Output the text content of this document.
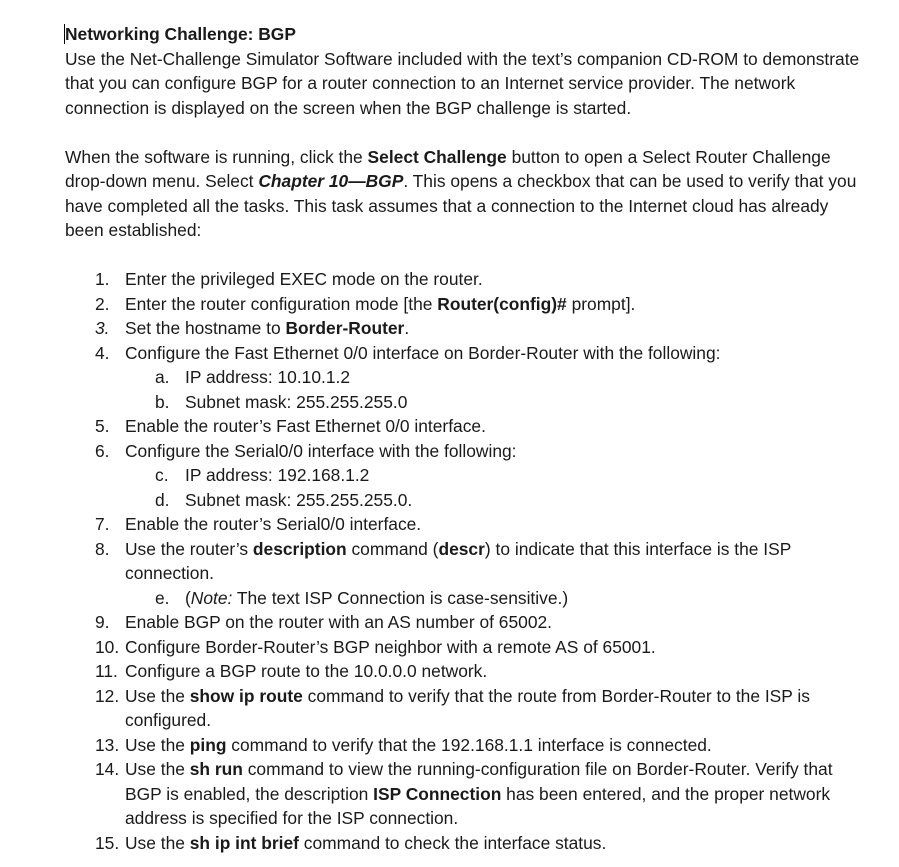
Networking Challenge: BGP

Use the Net-Challenge Simulator Software included with the text’s companion CD-ROM to demonstrate that you can configure BGP for a router connection to an Internet service provider. The network connection is displayed on the screen when the BGP challenge is started.

When the software is running, click the Select Challenge button to open a Select Router Challenge drop-down menu. Select Chapter 10—BGP. This opens a checkbox that can be used to verify that you have completed all the tasks. This task assumes that a connection to the Internet cloud has already been established:

1. Enter the privileged EXEC mode on the router.
2. Enter the router configuration mode [the Router(config)# prompt].
3. Set the hostname to Border-Router.
4. Configure the Fast Ethernet 0/0 interface on Border-Router with the following:
a. IP address: 10.10.1.2
b. Subnet mask: 255.255.255.0
5. Enable the router’s Fast Ethernet 0/0 interface.
6. Configure the Serial0/0 interface with the following:
c. IP address: 192.168.1.2
d. Subnet mask: 255.255.255.0.
7. Enable the router’s Serial0/0 interface.
8. Use the router’s description command (descr) to indicate that this interface is the ISP connection.
e. (Note: The text ISP Connection is case-sensitive.)
9. Enable BGP on the router with an AS number of 65002.
10. Configure Border-Router’s BGP neighbor with a remote AS of 65001.
11. Configure a BGP route to the 10.0.0.0 network.
12. Use the show ip route command to verify that the route from Border-Router to the ISP is configured.
13. Use the ping command to verify that the 192.168.1.1 interface is connected.
14. Use the sh run command to view the running-configuration file on Border-Router. Verify that BGP is enabled, the description ISP Connection has been entered, and the proper network address is specified for the ISP connection.
15. Use the sh ip int brief command to check the interface status.
